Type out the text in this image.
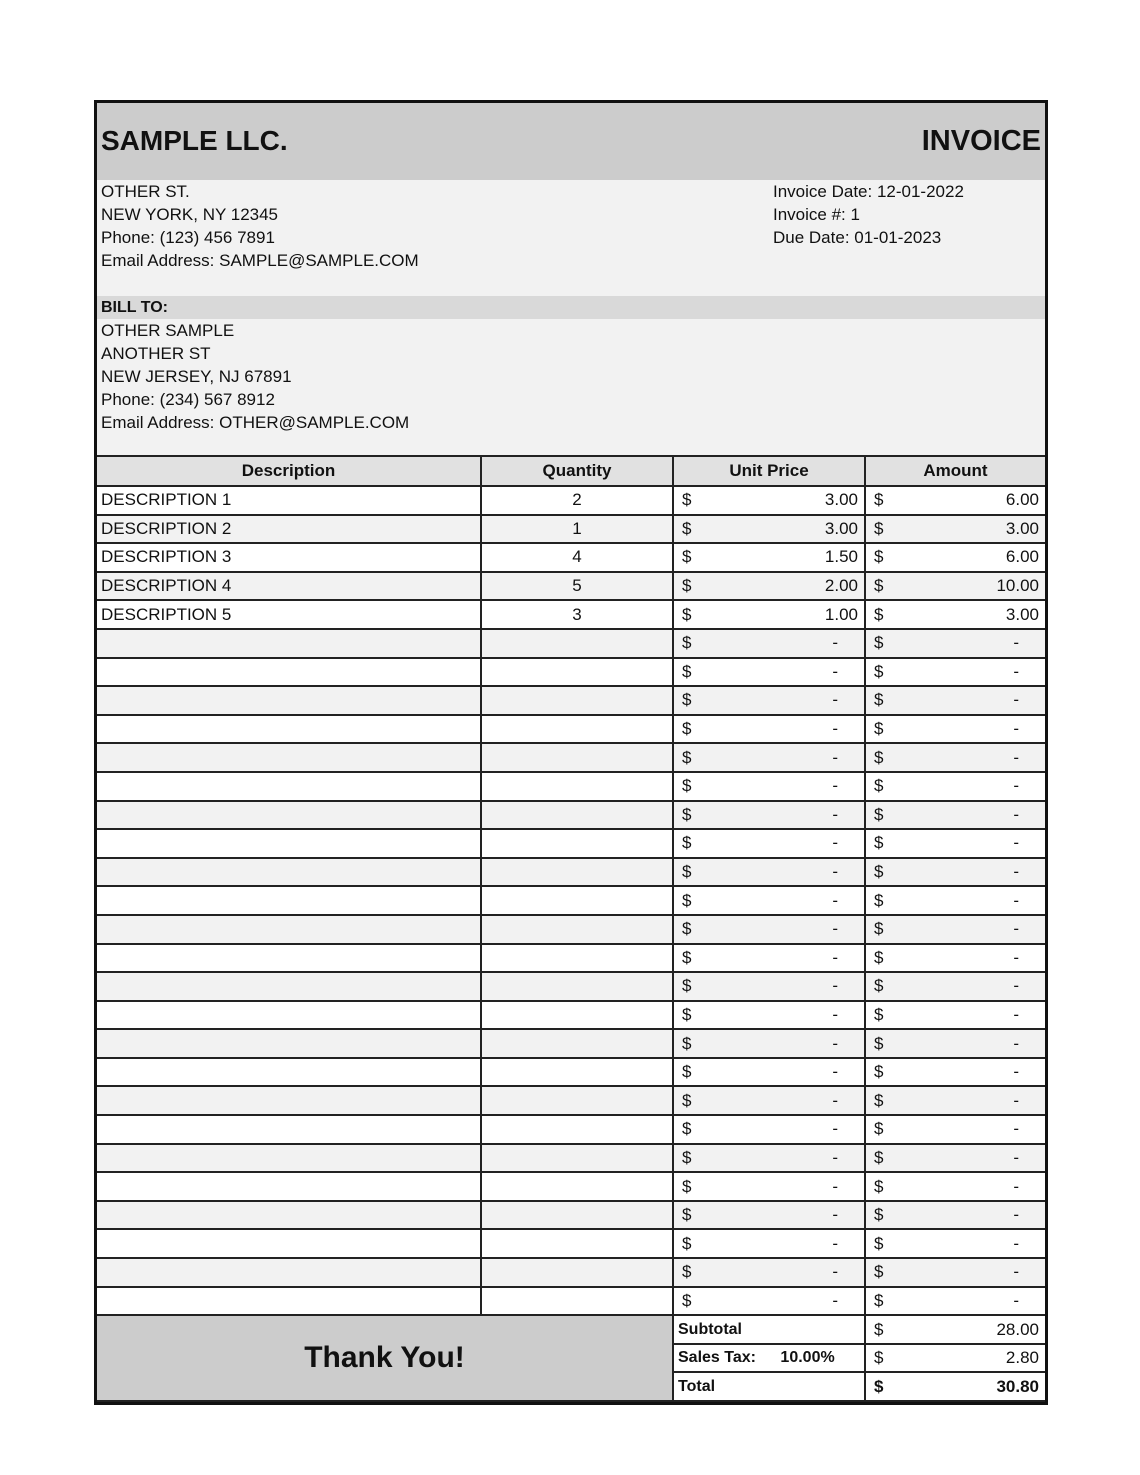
SAMPLE LLC.	INVOICE
OTHER ST.
NEW YORK, NY 12345
Phone: (123) 456 7891
Email Address: SAMPLE@SAMPLE.COM
Invoice Date: 12-01-2022
Invoice #: 1
Due Date: 01-01-2023
BILL TO:
OTHER SAMPLE
ANOTHER ST
NEW JERSEY, NJ 67891
Phone: (234) 567 8912
Email Address: OTHER@SAMPLE.COM
Description	Quantity	Unit Price	Amount
DESCRIPTION 1	2	$ 3.00	$ 6.00

DESCRIPTION 2	1	$ 3.00	$ 3.00

DESCRIPTION 3	4	$ 1.50	$ 6.00

DESCRIPTION 4	5	$ 2.00	$ 10.00

DESCRIPTION 5	3	$ 1.00	$ 3.00

		$ -	$ -

		$ -	$ -

		$ -	$ -

		$ -	$ -

		$ -	$ -

		$ -	$ -

		$ -	$ -

		$ -	$ -

		$ -	$ -

		$ -	$ -

		$ -	$ -

		$ -	$ -

		$ -	$ -

		$ -	$ -

		$ -	$ -

		$ -	$ -

		$ -	$ -

		$ -	$ -

		$ -	$ -

		$ -	$ -

		$ -	$ -

		$ -	$ -

		$ -	$ -

		$ -	$ -

Thank You!		Subtotal	$ 28.00

		Sales Tax: 10.00%	$ 2.80

		Total	$ 30.80
